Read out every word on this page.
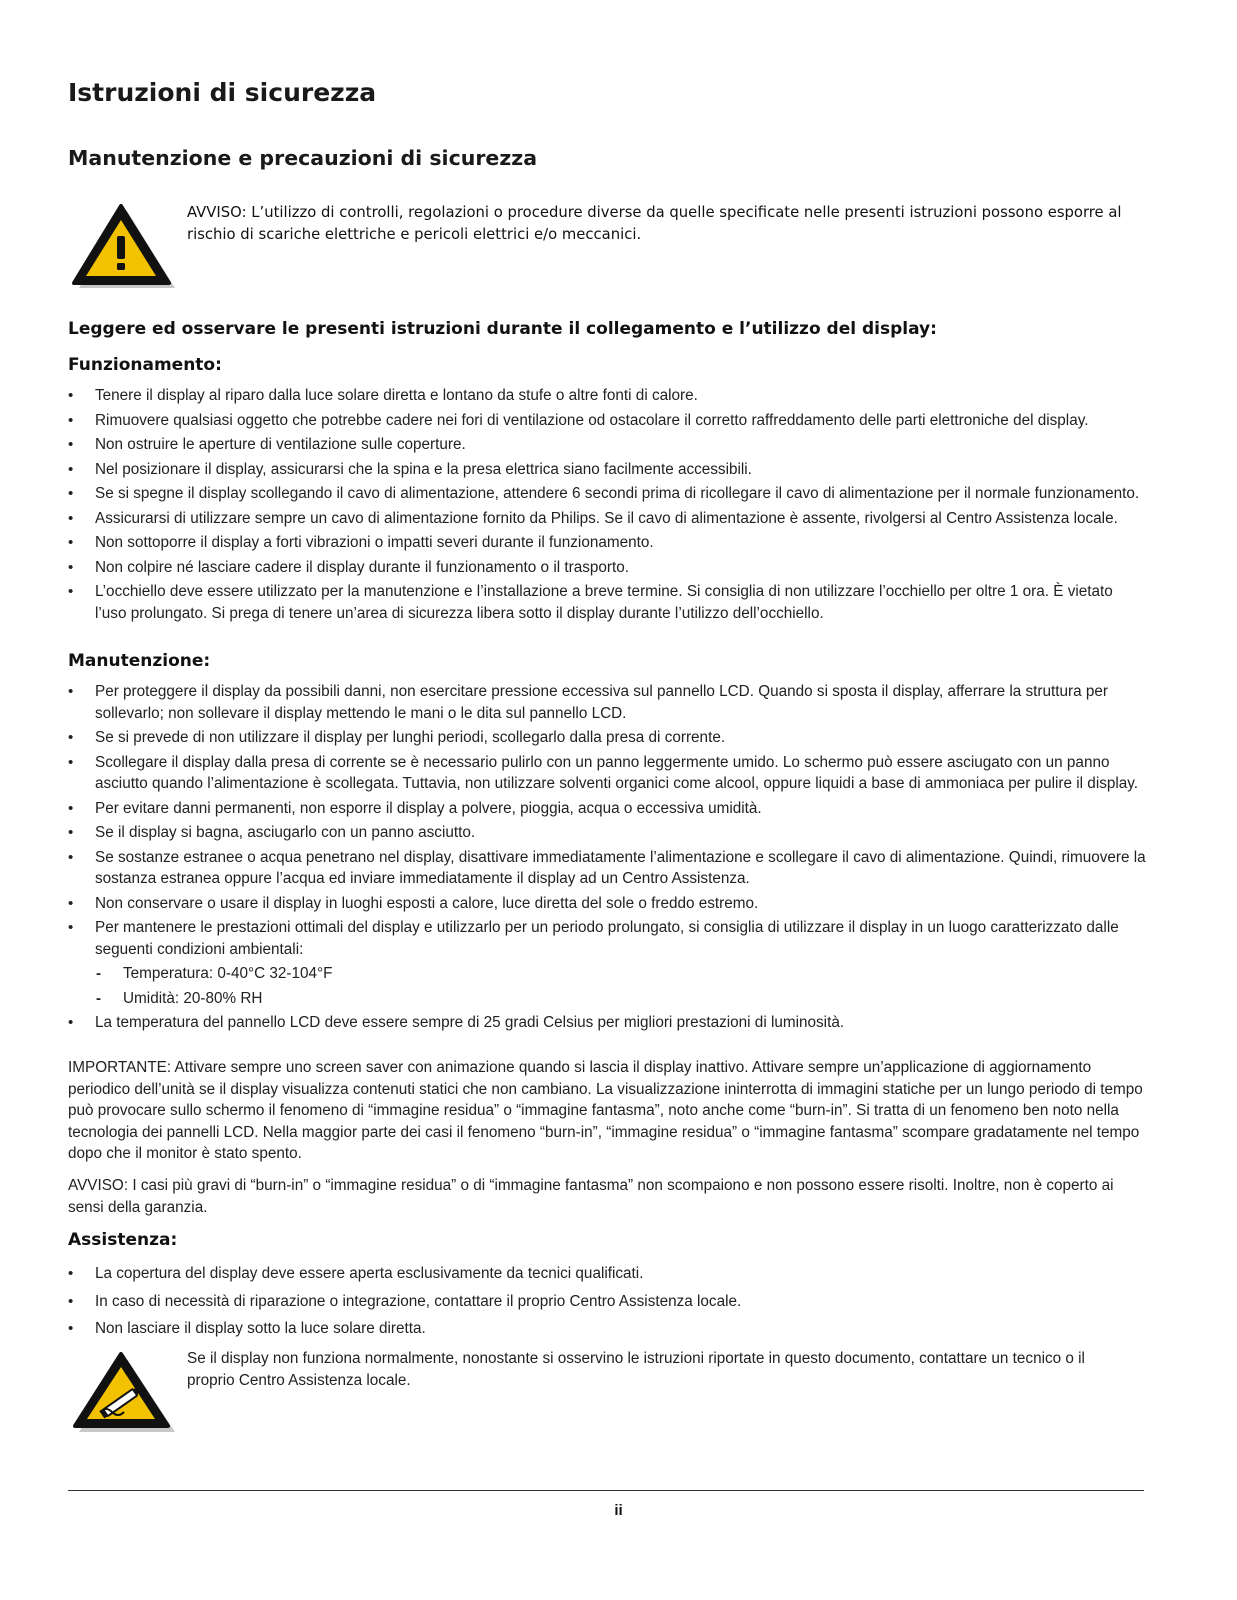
Istruzioni di sicurezza
Manutenzione e precauzioni di sicurezza
AVVISO: L’utilizzo di controlli, regolazioni o procedure diverse da quelle specificate nelle presenti istruzioni possono esporre al rischio di scariche elettriche e pericoli elettrici e/o meccanici.
Leggere ed osservare le presenti istruzioni durante il collegamento e l’utilizzo del display:
Funzionamento:
• Tenere il display al riparo dalla luce solare diretta e lontano da stufe o altre fonti di calore.
• Rimuovere qualsiasi oggetto che potrebbe cadere nei fori di ventilazione od ostacolare il corretto raffreddamento delle parti elettroniche del display.
• Non ostruire le aperture di ventilazione sulle coperture.
• Nel posizionare il display, assicurarsi che la spina e la presa elettrica siano facilmente accessibili.
• Se si spegne il display scollegando il cavo di alimentazione, attendere 6 secondi prima di ricollegare il cavo di alimentazione per il normale funzionamento.
• Assicurarsi di utilizzare sempre un cavo di alimentazione fornito da Philips. Se il cavo di alimentazione è assente, rivolgersi al Centro Assistenza locale.
• Non sottoporre il display a forti vibrazioni o impatti severi durante il funzionamento.
• Non colpire né lasciare cadere il display durante il funzionamento o il trasporto.
• L’occhiello deve essere utilizzato per la manutenzione e l’installazione a breve termine. Si consiglia di non utilizzare l’occhiello per oltre 1 ora. È vietato l’uso prolungato. Si prega di tenere un’area di sicurezza libera sotto il display durante l’utilizzo dell’occhiello.
Manutenzione:
• Per proteggere il display da possibili danni, non esercitare pressione eccessiva sul pannello LCD. Quando si sposta il display, afferrare la struttura per sollevarlo; non sollevare il display mettendo le mani o le dita sul pannello LCD.
• Se si prevede di non utilizzare il display per lunghi periodi, scollegarlo dalla presa di corrente.
• Scollegare il display dalla presa di corrente se è necessario pulirlo con un panno leggermente umido. Lo schermo può essere asciugato con un panno asciutto quando l’alimentazione è scollegata. Tuttavia, non utilizzare solventi organici come alcool, oppure liquidi a base di ammoniaca per pulire il display.
• Per evitare danni permanenti, non esporre il display a polvere, pioggia, acqua o eccessiva umidità.
• Se il display si bagna, asciugarlo con un panno asciutto.
• Se sostanze estranee o acqua penetrano nel display, disattivare immediatamente l’alimentazione e scollegare il cavo di alimentazione. Quindi, rimuovere la sostanza estranea oppure l’acqua ed inviare immediatamente il display ad un Centro Assistenza.
• Non conservare o usare il display in luoghi esposti a calore, luce diretta del sole o freddo estremo.
• Per mantenere le prestazioni ottimali del display e utilizzarlo per un periodo prolungato, si consiglia di utilizzare il display in un luogo caratterizzato dalle seguenti condizioni ambientali:
- Temperatura: 0-40°C 32-104°F
- Umidità: 20-80% RH
• La temperatura del pannello LCD deve essere sempre di 25 gradi Celsius per migliori prestazioni di luminosità.

IMPORTANTE: Attivare sempre uno screen saver con animazione quando si lascia il display inattivo. Attivare sempre un’applicazione di aggiornamento periodico dell’unità se il display visualizza contenuti statici che non cambiano. La visualizzazione ininterrotta di immagini statiche per un lungo periodo di tempo può provocare sullo schermo il fenomeno di “immagine residua” o “immagine fantasma”, noto anche come “burn-in”. Si tratta di un fenomeno ben noto nella tecnologia dei pannelli LCD. Nella maggior parte dei casi il fenomeno “burn-in”, “immagine residua” o “immagine fantasma” scompare gradatamente nel tempo dopo che il monitor è stato spento.

AVVISO: I casi più gravi di “burn-in” o “immagine residua” o di “immagine fantasma” non scompaiono e non possono essere risolti. Inoltre, non è coperto ai sensi della garanzia.

Assistenza:
• La copertura del display deve essere aperta esclusivamente da tecnici qualificati.
• In caso di necessità di riparazione o integrazione, contattare il proprio Centro Assistenza locale.
• Non lasciare il display sotto la luce solare diretta.
Se il display non funziona normalmente, nonostante si osservino le istruzioni riportate in questo documento, contattare un tecnico o il proprio Centro Assistenza locale.
ii
